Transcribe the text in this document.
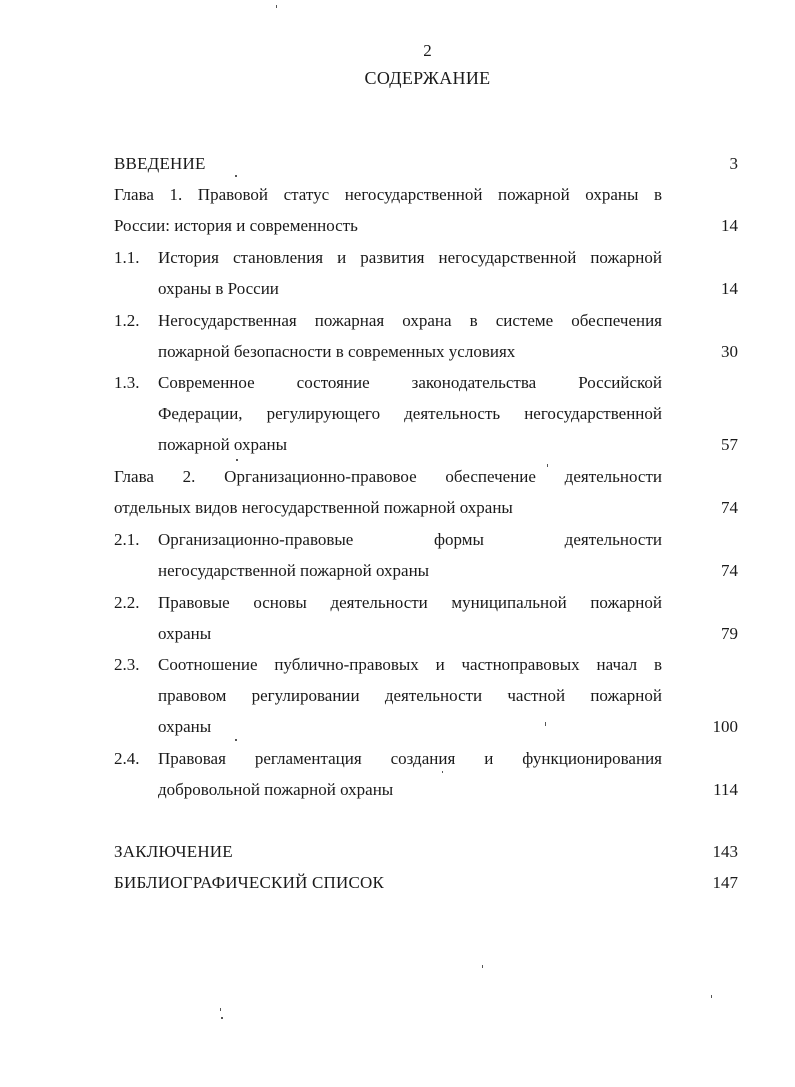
2
СОДЕРЖАНИЕ
ВВЕДЕНИЕ	3
Глава 1. Правовой статус негосударственной пожарной охраны в
России: история и современность	14
1.1. История становления и развития негосударственной пожарной
охраны в России	14
1.2. Негосударственная пожарная охрана в системе обеспечения
пожарной безопасности в современных условиях	30
1.3. Современное состояние законодательства Российской
Федерации, регулирующего деятельность негосударственной
пожарной охраны	57
Глава 2. Организационно-правовое обеспечение деятельности
отдельных видов негосударственной пожарной охраны	74
2.1. Организационно-правовые формы деятельности
негосударственной пожарной охраны	74
2.2. Правовые основы деятельности муниципальной пожарной
охраны	79
2.3. Соотношение публично-правовых и частноправовых начал в
правовом регулировании деятельности частной пожарной
охраны	100
2.4. Правовая регламентация создания и функционирования
добровольной пожарной охраны	114
ЗАКЛЮЧЕНИЕ	143
БИБЛИОГРАФИЧЕСКИЙ СПИСОК	147
